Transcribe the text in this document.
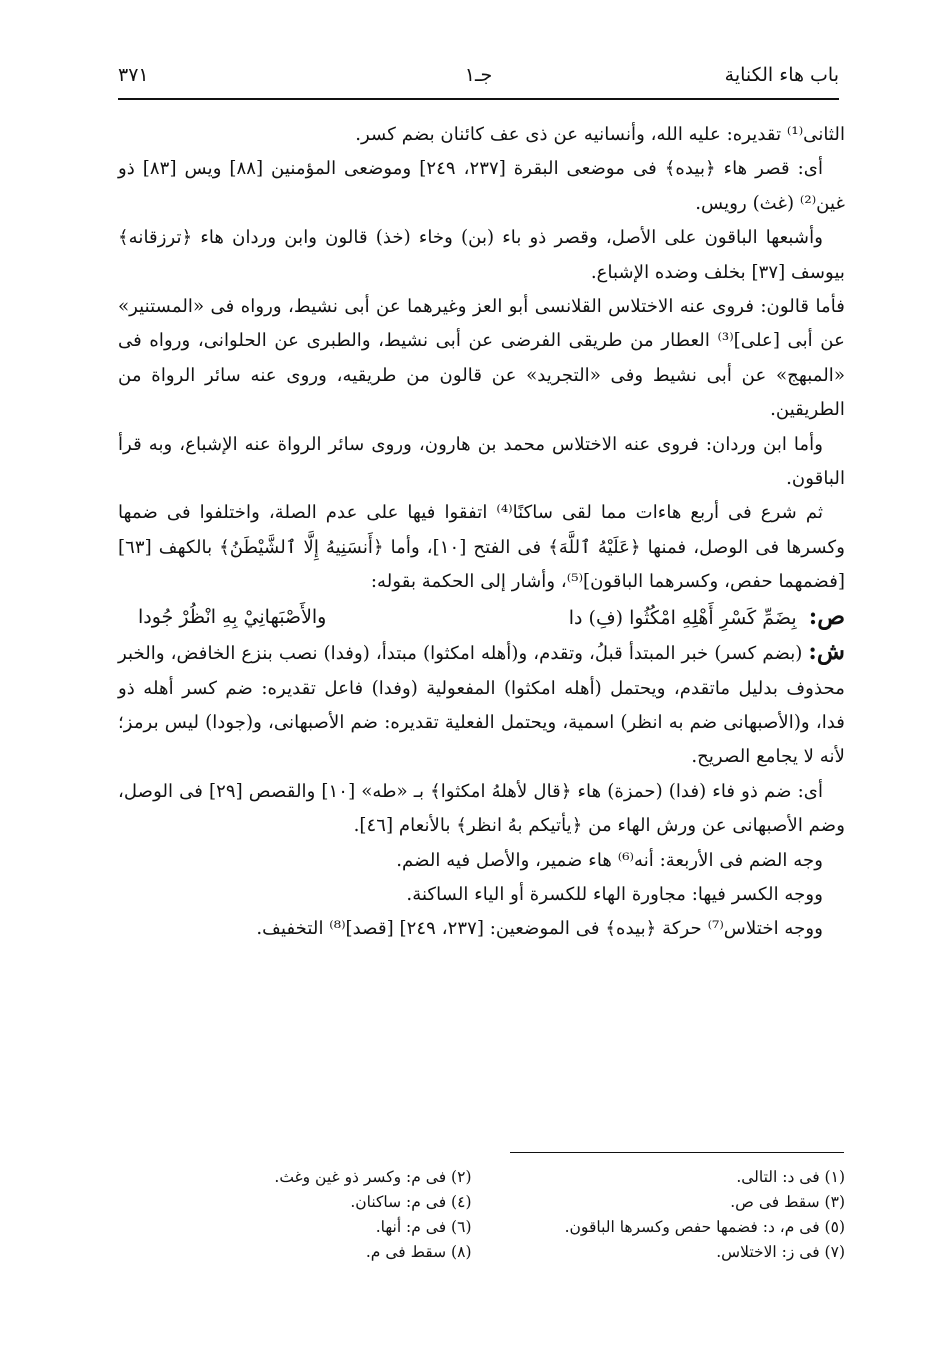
باب هاء الكناية
جـ١
٣٧١

الثانى⁽¹⁾ تقديره: عليه الله، وأنسانيه عن ذى عف كائنان بضم كسر.

أى: قصر هاء ﴿بيده﴾ فى موضعى البقرة [٢٣٧، ٢٤٩] وموضعى المؤمنين [٨٨] ويس [٨٣] ذو غين⁽²⁾ (غث) رويس.

وأشبعها الباقون على الأصل، وقصر ذو باء (بن) وخاء (خذ) قالون وابن وردان هاء ﴿ترزقانه﴾ بيوسف [٣٧] بخلف وضده الإشباع.

فأما قالون: فروى عنه الاختلاس القلانسى أبو العز وغيرهما عن أبى نشيط، ورواه فى «المستنير» عن أبى [على]⁽³⁾ العطار من طريقى الفرضى عن أبى نشيط، والطبرى عن الحلوانى، ورواه فى «المبهج» عن أبى نشيط وفى «التجريد» عن قالون من طريقيه، وروى عنه سائر الرواة من الطريقين.

وأما ابن وردان: فروى عنه الاختلاس محمد بن هارون، وروى سائر الرواة عنه الإشباع، وبه قرأ الباقون.

ثم شرع فى أربع هاءات مما لقى ساكنًا⁽⁴⁾ اتفقوا فيها على عدم الصلة، واختلفوا فى ضمها وكسرها فى الوصل، فمنها ﴿عَلَيْهُ ٱللَّهَ﴾ فى الفتح [١٠]، وأما ﴿أَنسَنِيهُ إِلَّا ٱلشَّيْطَنُ﴾ بالكهف [٦٣] [فضمهما حفص، وكسرهما الباقون]⁽⁵⁾، وأشار إلى الحكمة بقوله:

ص: بِضَمِّ كَسْرِ أَهْلِهِ امْكُثُوا (فِ) دا
والأَصْبَهانِيْ بِهِ انْظُرْ جُودا

ش: (بضم كسر) خبر المبتدأ قبلُ، وتقدم، و(أهله امكثوا) مبتدأ، (وفدا) نصب بنزع الخافض، والخبر محذوف بدليل ماتقدم، ويحتمل (أهله امكثوا) المفعولية (وفدا) فاعل تقديره: ضم كسر أهله ذو فدا، و(الأصبهانى ضم به انظر) اسمية، ويحتمل الفعلية تقديره: ضم الأصبهانى، و(جودا) ليس برمز؛ لأنه لا يجامع الصريح.

أى: ضم ذو فاء (فدا) (حمزة) هاء ﴿قال لأهلهُ امكثوا﴾ بـ «طه» [١٠] والقصص [٢٩] فى الوصل، وضم الأصبهانى عن ورش الهاء من ﴿يأتيكم بهُ انظر﴾ بالأنعام [٤٦].

وجه الضم فى الأربعة: أنه⁽⁶⁾ هاء ضمير، والأصل فيه الضم.

ووجه الكسر فيها: مجاورة الهاء للكسرة أو الياء الساكنة.

ووجه اختلاس⁽⁷⁾ حركة ﴿بيده﴾ فى الموضعين: [٢٣٧، ٢٤٩] [قصد]⁽⁸⁾ التخفيف.

(١) فى د: التالى.
(٢) فى م: وكسر ذو غين وغث.
(٣) سقط فى ص.
(٤) فى م: ساكنان.
(٥) فى م، د: فضمها حفص وكسرها الباقون.
(٦) فى م: أنها.
(٧) فى ز: الاختلاس.
(٨) سقط فى م.
